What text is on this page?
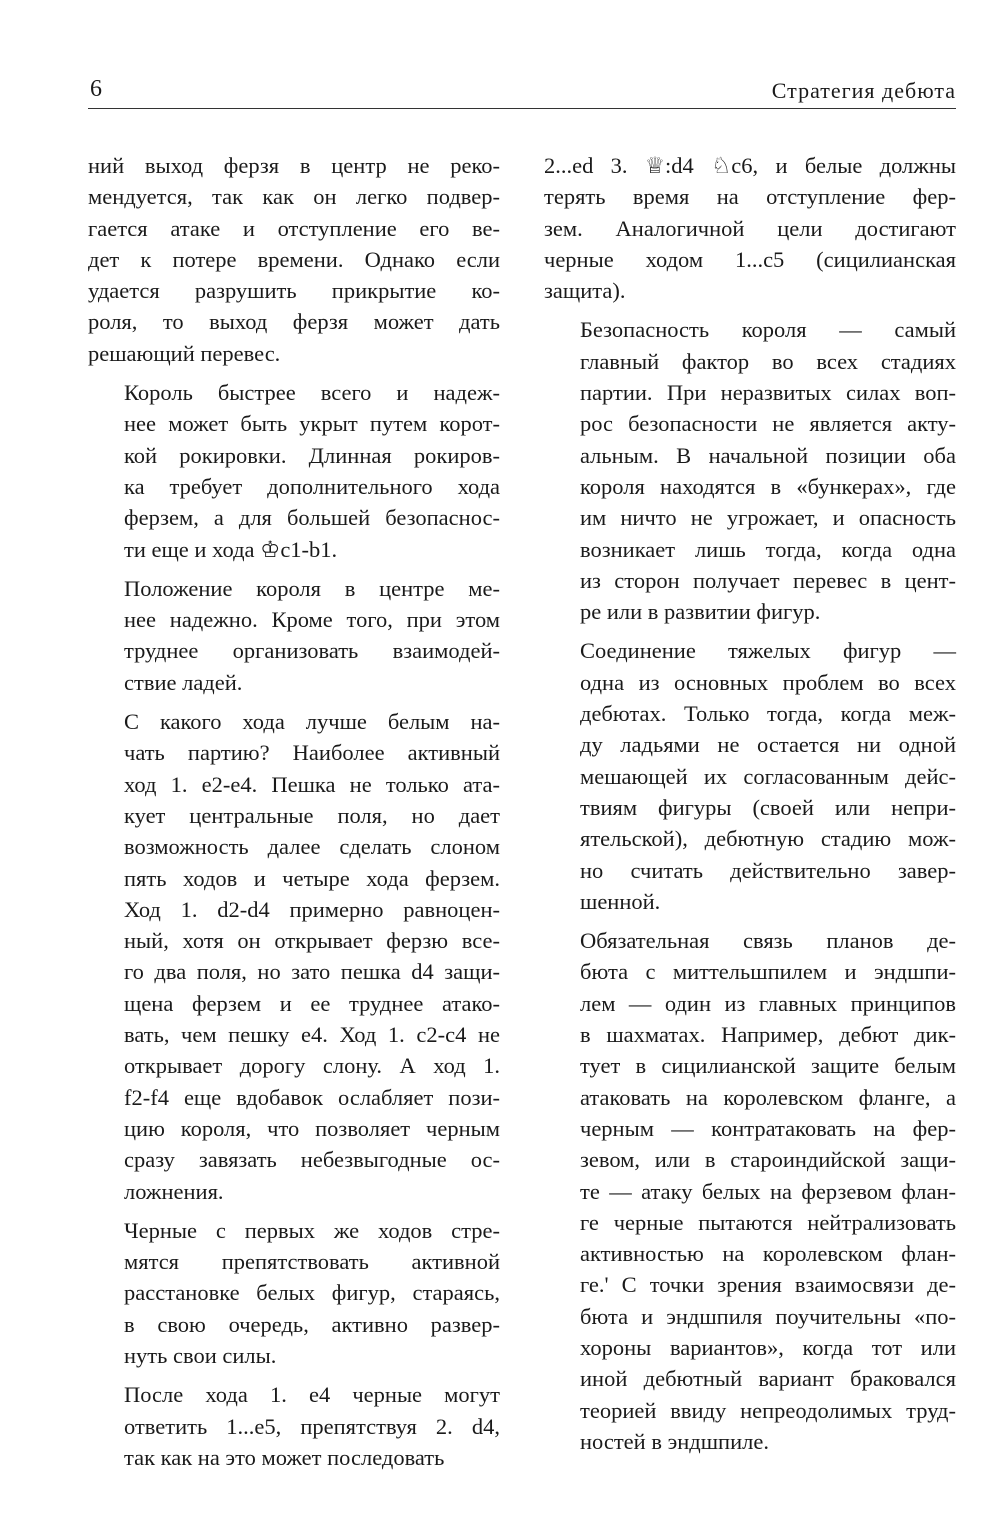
6	Стратегия дебюта
ний выход ферзя в центр не реко-
мендуется, так как он легко подвер-
гается атаке и отступление его ве-
дет к потере времени. Однако если
удается разрушить прикрытие ко-
роля, то выход ферзя может дать
решающий перевес.
Король быстрее всего и надеж-
нее может быть укрыт путем корот-
кой рокировки. Длинная рокиров-
ка требует дополнительного хода
ферзем, а для большей безопаснос-
ти еще и хода ♔c1-b1.
Положение короля в центре ме-
нее надежно. Кроме того, при этом
труднее организовать взаимодей-
ствие ладей.
С какого хода лучше белым на-
чать партию? Наиболее активный
ход 1. e2-e4. Пешка не только ата-
кует центральные поля, но дает
возможность далее сделать слоном
пять ходов и четыре хода ферзем.
Ход 1. d2-d4 примерно равноцен-
ный, хотя он открывает ферзю все-
го два поля, но зато пешка d4 защи-
щена ферзем и ее труднее атако-
вать, чем пешку e4. Ход 1. c2-c4 не
открывает дорогу слону. А ход 1.
f2-f4 еще вдобавок ослабляет пози-
цию короля, что позволяет черным
сразу завязать небезвыгодные ос-
ложнения.
Черные с первых же ходов стре-
мятся препятствовать активной
расстановке белых фигур, стараясь,
в свою очередь, активно развер-
нуть свои силы.
После хода 1. e4 черные могут
ответить 1...e5, препятствуя 2. d4,
так как на это может последовать
2...ed 3. ♕:d4 ♘c6, и белые должны
терять время на отступление фер-
зем. Аналогичной цели достигают
черные ходом 1...c5 (сицилианская
защита).
Безопасность короля — самый
главный фактор во всех стадиях
партии. При неразвитых силах воп-
рос безопасности не является акту-
альным. В начальной позиции оба
короля находятся в «бункерах», где
им ничто не угрожает, и опасность
возникает лишь тогда, когда одна
из сторон получает перевес в цент-
ре или в развитии фигур.
Соединение тяжелых фигур —
одна из основных проблем во всех
дебютах. Только тогда, когда меж-
ду ладьями не остается ни одной
мешающей их согласованным дейс-
твиям фигуры (своей или непри-
ятельской), дебютную стадию мож-
но считать действительно завер-
шенной.
Обязательная связь планов де-
бюта с миттельшпилем и эндшпи-
лем — один из главных принципов
в шахматах. Например, дебют дик-
тует в сицилианской защите белым
атаковать на королевском фланге, а
черным — контратаковать на фер-
зевом, или в староиндийской защи-
те — атаку белых на ферзевом флан-
ге черные пытаются нейтрализовать
активностью на королевском флан-
ге.' С точки зрения взаимосвязи де-
бюта и эндшпиля поучительны «по-
хороны вариантов», когда тот или
иной дебютный вариант браковался
теорией ввиду непреодолимых труд-
ностей в эндшпиле.
